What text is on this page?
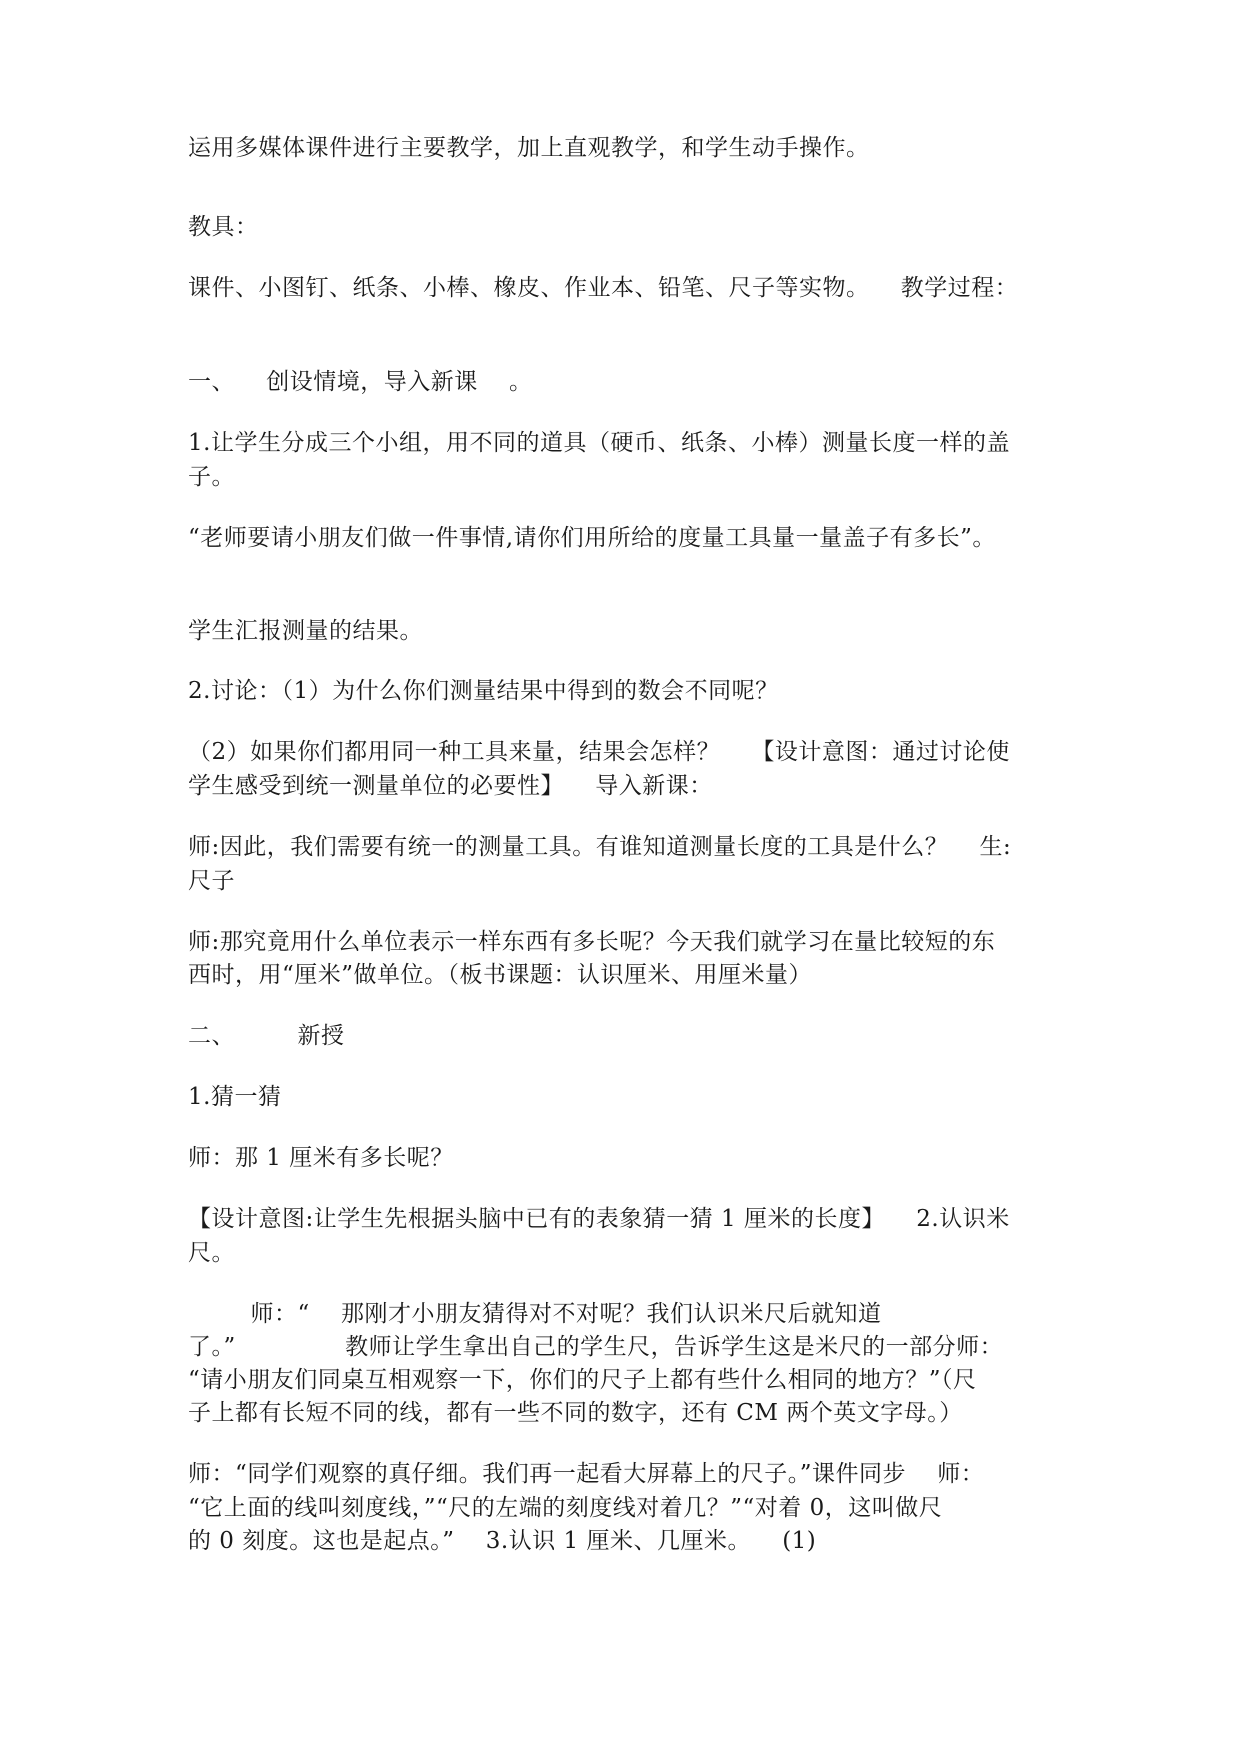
运用多媒体课件进行主要教学，加上直观教学，和学生动手操作。

教具：

课件、小图钉、纸条、小棒、橡皮、作业本、铅笔、尺子等实物。    教学过程：

一、    创设情境，导入新课    。

1.让学生分成三个小组，用不同的道具（硬币、纸条、小棒）测量长度一样的盖

子。

“老师要请小朋友们做一件事情,请你们用所给的度量工具量一量盖子有多长”。

学生汇报测量的结果。

2.讨论：（1）为什么你们测量结果中得到的数会不同呢？

（2）如果你们都用同一种工具来量，结果会怎样？    【设计意图：通过讨论使

学生感受到统一测量单位的必要性】    导入新课：

师:因此，我们需要有统一的测量工具。有谁知道测量长度的工具是什么？    生:

尺子

师:那究竟用什么单位表示一样东西有多长呢？今天我们就学习在量比较短的东

西时，用“厘米”做单位。（板书课题：认识厘米、用厘米量）

二、        新授

1.猜一猜

师：那 1 厘米有多长呢？

【设计意图:让学生先根据头脑中已有的表象猜一猜 1 厘米的长度】    2.认识米

尺。

师：“    那刚才小朋友猜得对不对呢？我们认识米尺后就知道

了。”              教师让学生拿出自己的学生尺，告诉学生这是米尺的一部分师：

“请小朋友们同桌互相观察一下，你们的尺子上都有些什么相同的地方？”（尺

子上都有长短不同的线，都有一些不同的数字，还有 CM 两个英文字母。）

师：“同学们观察的真仔细。我们再一起看大屏幕上的尺子。”课件同步    师：

“它上面的线叫刻度线，”“尺的左端的刻度线对着几？”“对着 0，这叫做尺

的 0 刻度。这也是起点。”    3.认识 1 厘米、几厘米。    (1)
